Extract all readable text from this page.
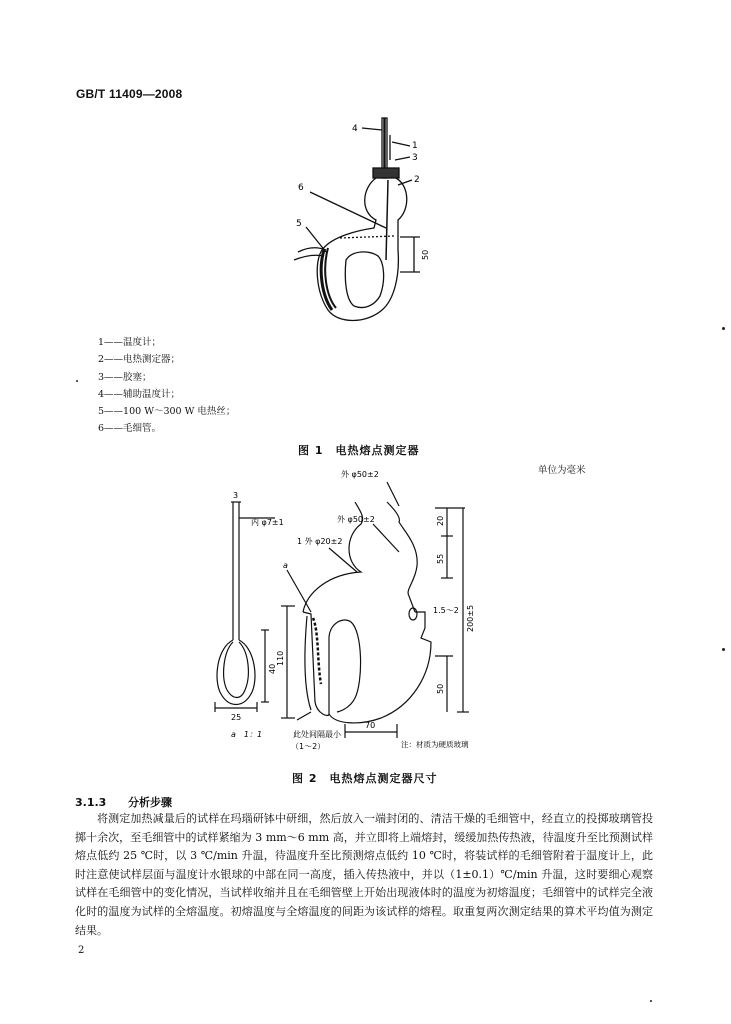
GB/T 11409—2008
4
1
3
2
6
5
50
1——温度计；
2——电热测定器；
3——胶塞；
4——辅助温度计；
5——100 W～300 W 电热丝；
6——毛细管。
图 1　电热熔点测定器
单位为毫米
外 φ50±2
外 φ50±2
内 φ7±1
1 外 φ20±2
3
a
20
55
1.5～2 200±5
50
110
40
25
70
a　1：1	此处间隔最小
（1～2）	注：材质为硬质玻璃
图 2　电热熔点测定器尺寸
3.1.3 分析步骤
将测定加热减量后的试样在玛瑙研钵中研细，然后放入一端封闭的、清洁干燥的毛细管中，经直立的投掷玻璃管投掷十余次，至毛细管中的试样紧缩为 3 mm～6 mm 高，并立即将上端熔封，缓缓加热传热液，待温度升至比预测试样熔点低约 25 ℃时，以 3 ℃/min 升温，待温度升至比预测熔点低约 10 ℃时，将装试样的毛细管附着于温度计上，此时注意使试样层面与温度计水银球的中部在同一高度，插入传热液中，并以（1±0.1）℃/min 升温，这时要细心观察试样在毛细管中的变化情况，当试样收缩并且在毛细管壁上开始出现液体时的温度为初熔温度；毛细管中的试样完全液化时的温度为试样的全熔温度。初熔温度与全熔温度的间距为该试样的熔程。取重复两次测定结果的算术平均值为测定结果。
2
